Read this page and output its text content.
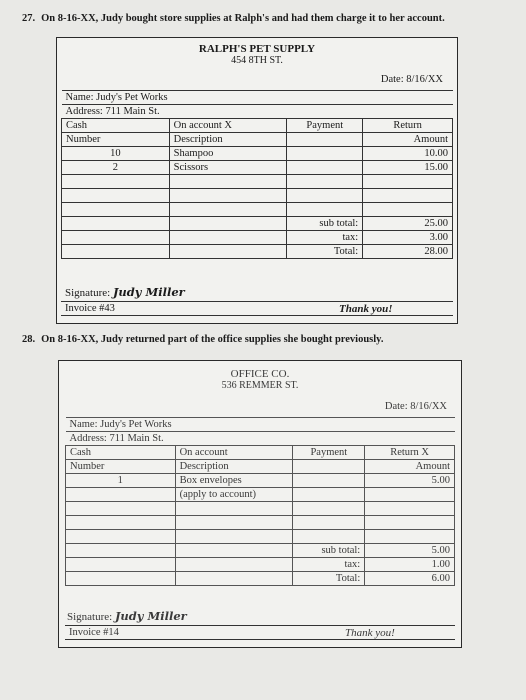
27. On 8-16-XX, Judy bought store supplies at Ralph's and had them charge it to her account.
RALPH'S PET SUPPLY
454 8TH ST.
Date: 8/16/XX
Name: Judy's Pet Works			
Address: 711 Main St.			
Cash	On account X	Payment	Return
Number	Description		Amount
10	Shampoo		10.00
2	Scissors		15.00

		sub total:	25.00
		tax:	3.00
		Total:	28.00
Signature: Judy Miller
Invoice #43	Thank you!
28. On 8-16-XX, Judy returned part of the office supplies she bought previously.
OFFICE CO.
536 REMMER ST.
Date: 8/16/XX
Name: Judy's Pet Works			
Address: 711 Main St.			
Cash	On account	Payment	Return X
Number	Description		Amount
1	Box envelopes		5.00
	(apply to account)		

		sub total:	5.00
		tax:	1.00
		Total:	6.00
Signature: Judy Miller
Invoice #14	Thank you!
